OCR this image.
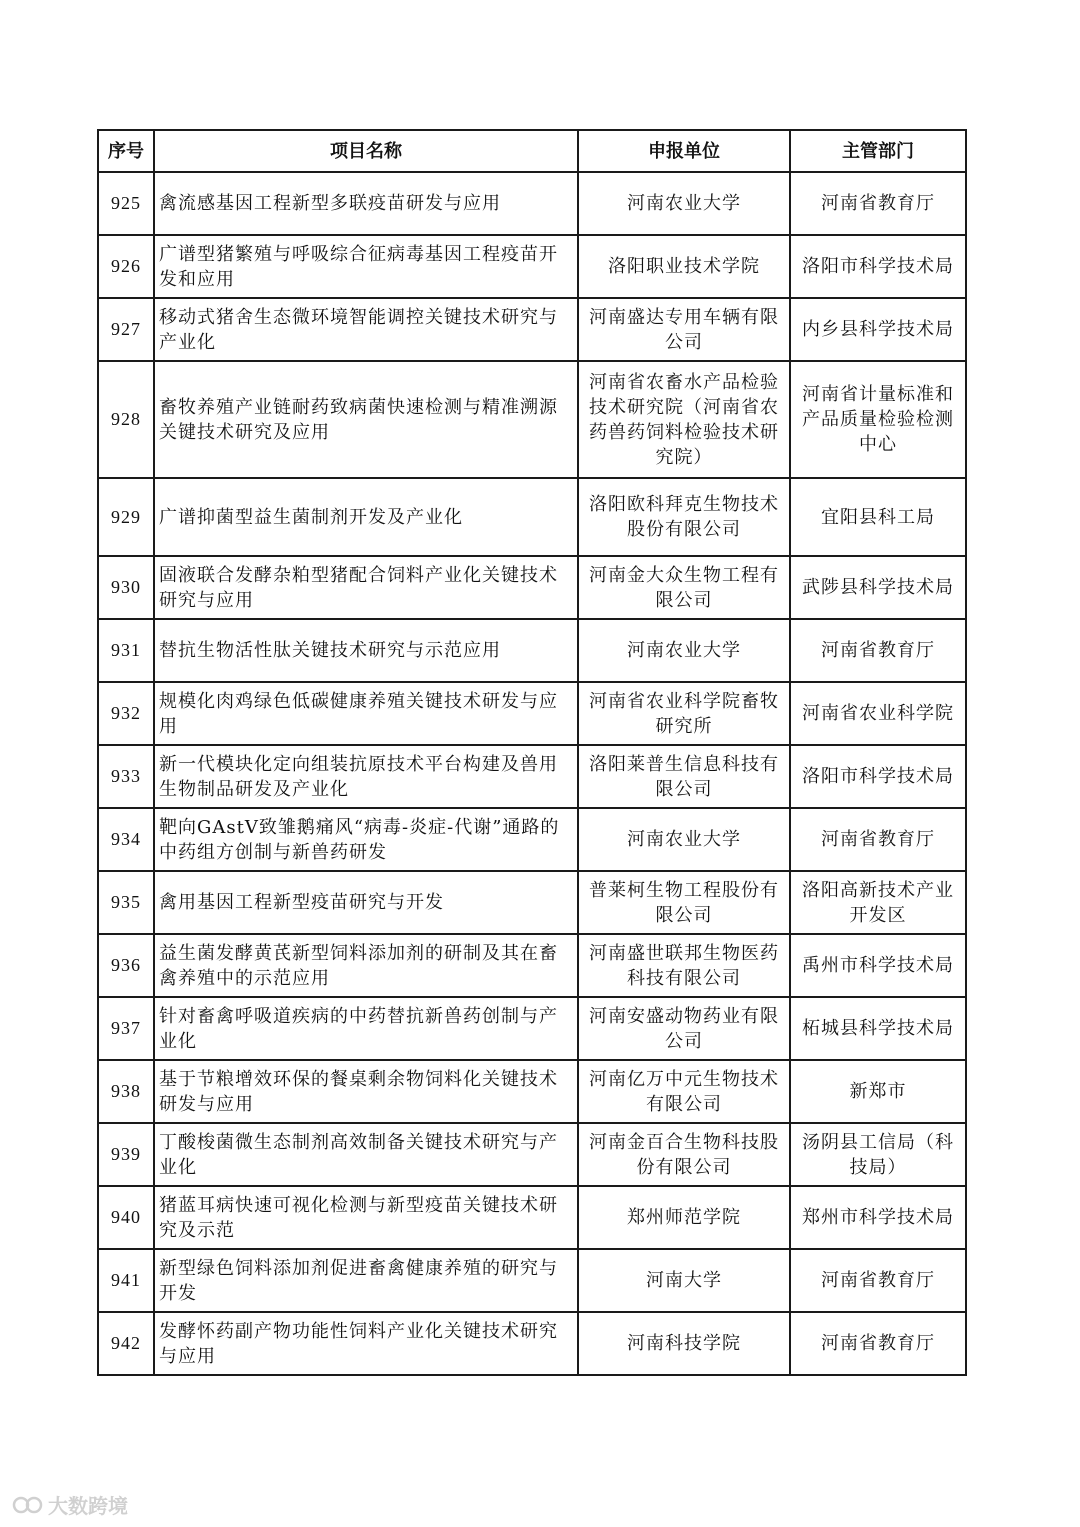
序号	项目名称	申报单位	主管部门
925	禽流感基因工程新型多联疫苗研发与应用	河南农业大学	河南省教育厅
926	广谱型猪繁殖与呼吸综合征病毒基因工程疫苗开发和应用	洛阳职业技术学院	洛阳市科学技术局
927	移动式猪舍生态微环境智能调控关键技术研究与产业化	河南盛达专用车辆有限公司	内乡县科学技术局
928	畜牧养殖产业链耐药致病菌快速检测与精准溯源关键技术研究及应用	河南省农畜水产品检验技术研究院（河南省农药兽药饲料检验技术研究院）	河南省计量标准和产品质量检验检测中心
929	广谱抑菌型益生菌制剂开发及产业化	洛阳欧科拜克生物技术股份有限公司	宜阳县科工局
930	固液联合发酵杂粕型猪配合饲料产业化关键技术研究与应用	河南金大众生物工程有限公司	武陟县科学技术局
931	替抗生物活性肽关键技术研究与示范应用	河南农业大学	河南省教育厅
932	规模化肉鸡绿色低碳健康养殖关键技术研发与应用	河南省农业科学院畜牧研究所	河南省农业科学院
933	新一代模块化定向组装抗原技术平台构建及兽用生物制品研发及产业化	洛阳莱普生信息科技有限公司	洛阳市科学技术局
934	靶向GAstV致雏鹅痛风“病毒-炎症-代谢”通路的中药组方创制与新兽药研发	河南农业大学	河南省教育厅
935	禽用基因工程新型疫苗研究与开发	普莱柯生物工程股份有限公司	洛阳高新技术产业开发区
936	益生菌发酵黄芪新型饲料添加剂的研制及其在畜禽养殖中的示范应用	河南盛世联邦生物医药科技有限公司	禹州市科学技术局
937	针对畜禽呼吸道疾病的中药替抗新兽药创制与产业化	河南安盛动物药业有限公司	柘城县科学技术局
938	基于节粮增效环保的餐桌剩余物饲料化关键技术研发与应用	河南亿万中元生物技术有限公司	新郑市
939	丁酸梭菌微生态制剂高效制备关键技术研究与产业化	河南金百合生物科技股份有限公司	汤阴县工信局（科技局）
940	猪蓝耳病快速可视化检测与新型疫苗关键技术研究及示范	郑州师范学院	郑州市科学技术局
941	新型绿色饲料添加剂促进畜禽健康养殖的研究与开发	河南大学	河南省教育厅
942	发酵怀药副产物功能性饲料产业化关键技术研究与应用	河南科技学院	河南省教育厅
大数跨境
